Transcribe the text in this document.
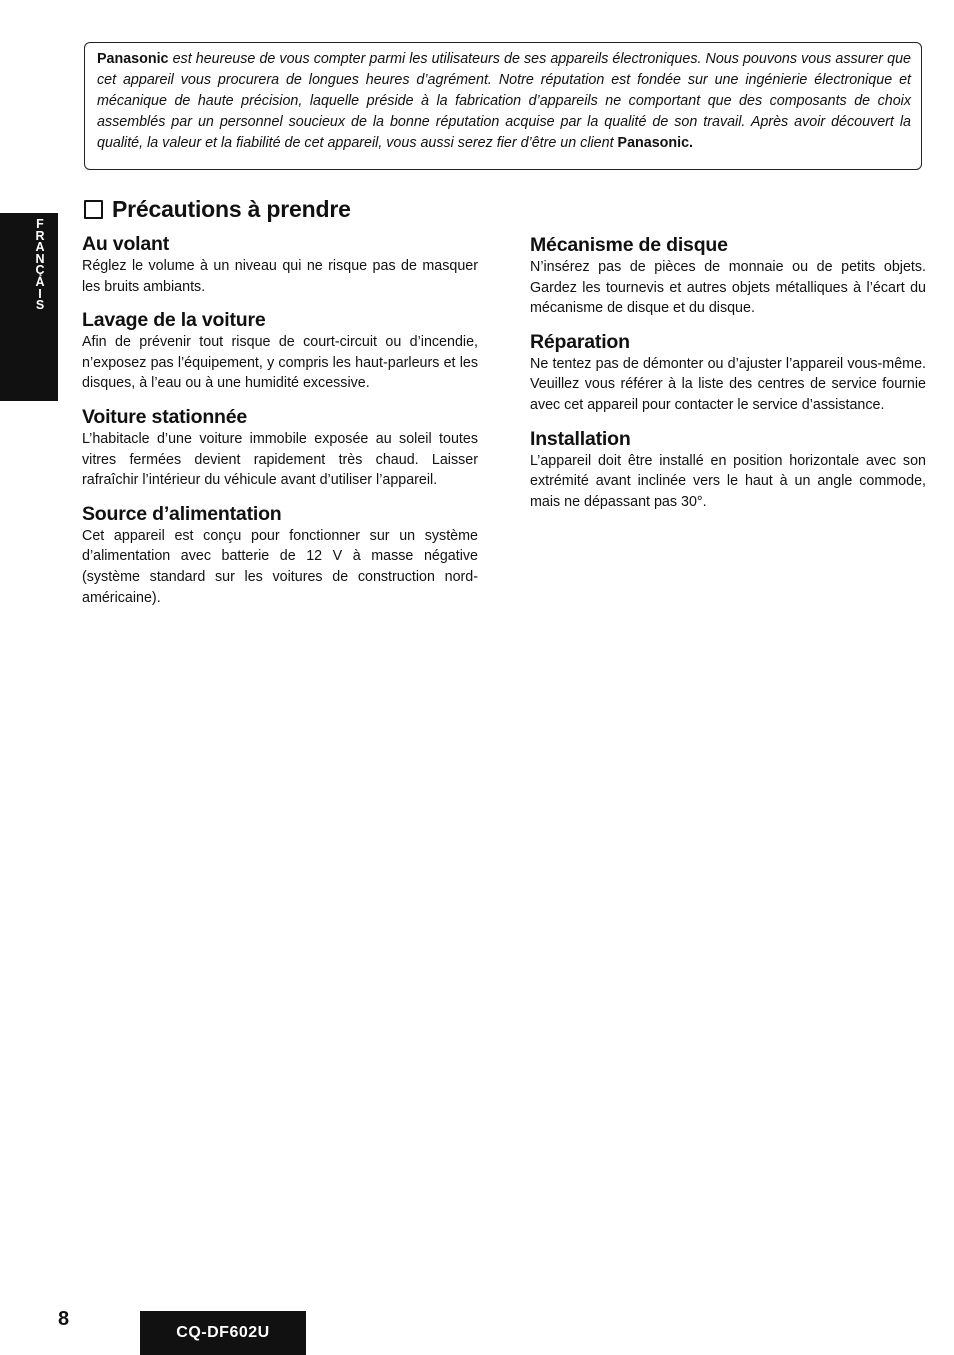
Panasonic est heureuse de vous compter parmi les utilisateurs de ses appareils électroniques. Nous pouvons vous assurer que cet appareil vous procurera de longues heures d’agrément. Notre réputation est fondée sur une ingénierie électronique et mécanique de haute précision, laquelle préside à la fabrication d’appareils ne comportant que des composants de choix assemblés par un personnel soucieux de la bonne réputation acquise par la qualité de son travail. Après avoir découvert la qualité, la valeur et la fiabilité de cet appareil, vous aussi serez fier d’être un client Panasonic.
F
R
A
N
Ç
A
I
S
Précautions à prendre
Au volant

Réglez le volume à un niveau qui ne risque pas de masquer les bruits ambiants.

Lavage de la voiture

Afin de prévenir tout risque de court-circuit ou d’incendie, n’exposez pas l’équipement, y compris les haut-parleurs et les disques, à l’eau ou à une humidité excessive.

Voiture stationnée

L’habitacle d’une voiture immobile exposée au soleil toutes vitres fermées devient rapidement très chaud. Laisser rafraîchir l’intérieur du véhicule avant d’utiliser l’appareil.

Source d’alimentation

Cet appareil est conçu pour fonctionner sur un système d’alimentation avec batterie de 12 V à masse négative (système standard sur les voitures de construction nord-américaine).

Mécanisme de disque

N’insérez pas de pièces de monnaie ou de petits objets. Gardez les tournevis et autres objets métalliques à l’écart du mécanisme de disque et du disque.

Réparation

Ne tentez pas de démonter ou d’ajuster l’appareil vous-même. Veuillez vous référer à la liste des centres de service fournie avec cet appareil pour contacter le service d’assistance.

Installation

L’appareil doit être installé en position horizontale avec son extrémité avant inclinée vers le haut à un angle commode, mais ne dépassant pas 30°.

8
CQ-DF602U
